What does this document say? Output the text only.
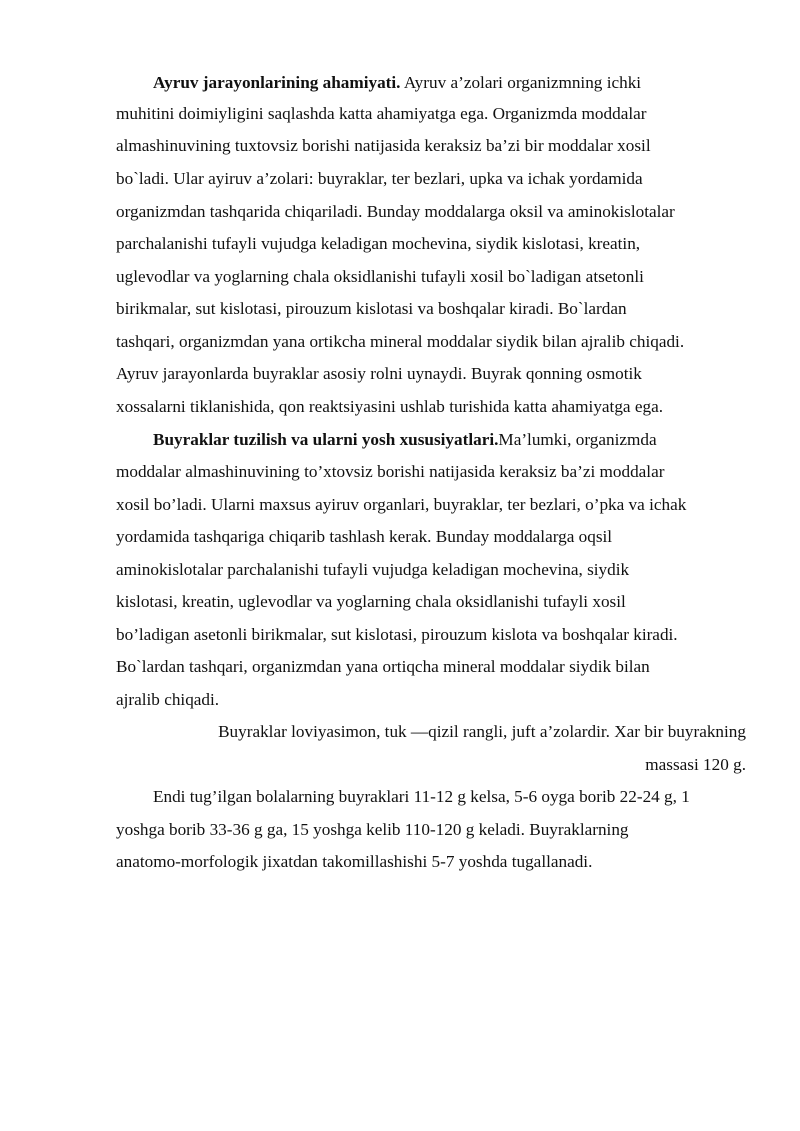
Ayruv jarayonlarining ahamiyati. Ayruv a’zolari organizmning ichki
muhitini doimiyligini saqlashda katta ahamiyatga ega. Organizmda moddalar
almashinuvining tuxtovsiz borishi natijasida keraksiz ba’zi bir moddalar xosil
bo`ladi. Ular ayiruv a’zolari: buyraklar, ter bezlari, upka va ichak yordamida
organizmdan tashqarida chiqariladi. Bunday moddalarga oksil va aminokislotalar
parchalanishi tufayli vujudga keladigan mochevina, siydik kislotasi, kreatin,
uglevodlar va yoglarning chala oksidlanishi tufayli xosil bo`ladigan atsetonli
birikmalar, sut kislotasi, pirouzum kislotasi va boshqalar kiradi. Bo`lardan
tashqari, organizmdan yana ortikcha mineral moddalar siydik bilan ajralib chiqadi.
Ayruv jarayonlarda buyraklar asosiy rolni uynaydi. Buyrak qonning osmotik
xossalarni tiklanishida, qon reaktsiyasini ushlab turishida katta ahamiyatga ega.
Buyraklar tuzilish va ularni yosh xususiyatlari.Ma’lumki, organizmda
moddalar almashinuvining to’xtovsiz borishi natijasida keraksiz ba’zi moddalar
xosil bo’ladi. Ularni maxsus ayiruv organlari, buyraklar, ter bezlari, o’pka va ichak
yordamida tashqariga chiqarib tashlash kerak. Bunday moddalarga oqsil
aminokislotalar parchalanishi tufayli vujudga keladigan mochevina, siydik
kislotasi, kreatin, uglevodlar va yoglarning chala oksidlanishi tufayli xosil
bo’ladigan asetonli birikmalar, sut kislotasi, pirouzum kislota va boshqalar kiradi.
Bo`lardan tashqari, organizmdan yana ortiqcha mineral moddalar siydik bilan
ajralib chiqadi.
Buyraklar loviyasimon, tuk —qizil rangli, juft a’zolardir. Xar bir buyrakning
massasi 120 g.
Endi tug’ilgan bolalarning buyraklari 11-12 g kelsa, 5-6 oyga borib 22-24 g, 1
yoshga borib 33-36 g ga, 15 yoshga kelib 110-120 g keladi. Buyraklarning
anatomo-morfologik jixatdan takomillashishi 5-7 yoshda tugallanadi.
